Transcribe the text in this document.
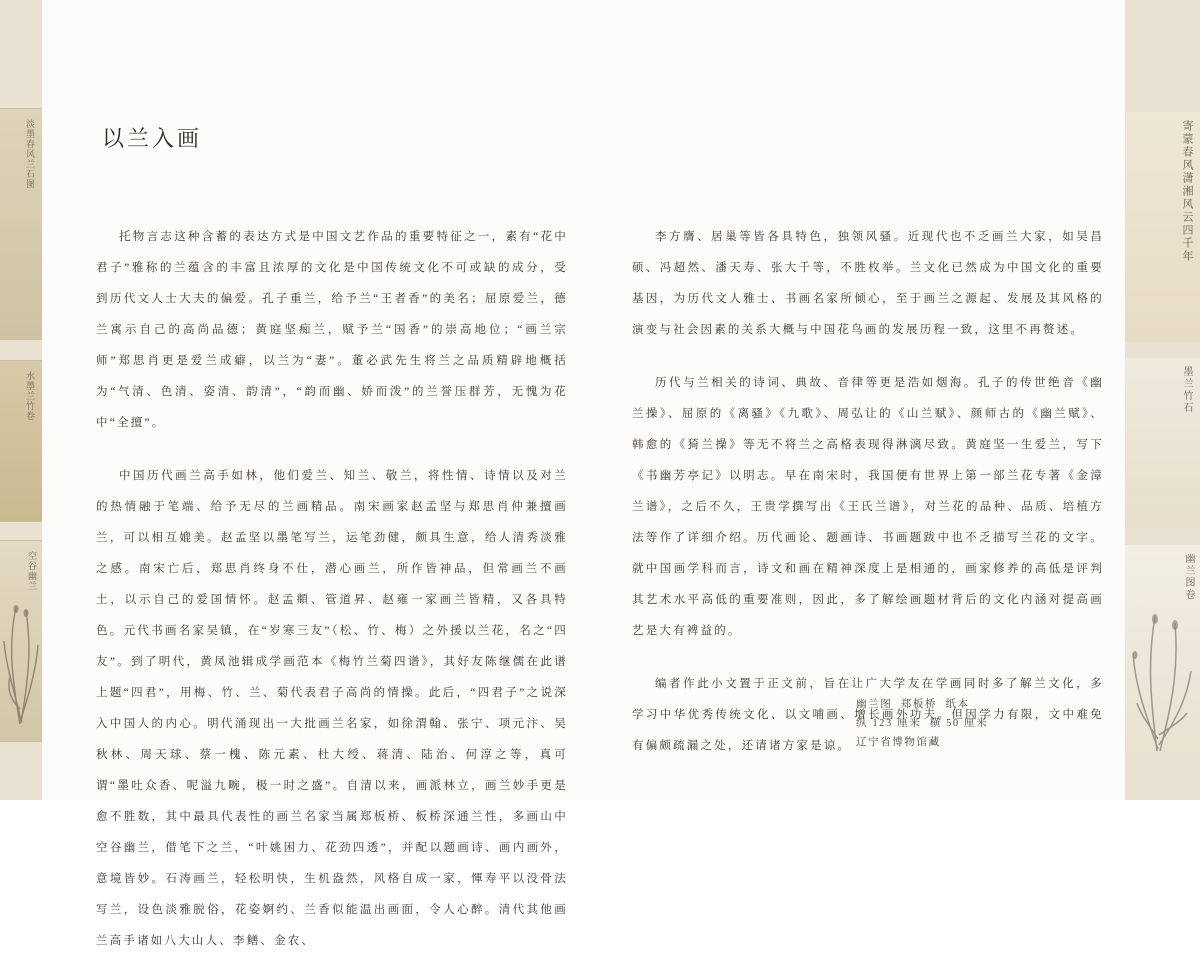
淡墨春风兰石图
水墨兰竹卷
空谷幽兰
寄蒙春风潇湘风云四千年
墨兰竹石
幽兰图卷
以兰入画

托物言志这种含蓄的表达方式是中国文艺作品的重要特征之一，素有“花中君子”雅称的兰蕴含的丰富且浓厚的文化是中国传统文化不可或缺的成分，受到历代文人士大夫的偏爱。孔子重兰，给予兰“王者香”的美名；屈原爱兰，德兰寓示自己的高尚品德；黄庭坚痴兰，赋予兰“国香”的崇高地位；“画兰宗师”郑思肖更是爱兰成癖，以兰为“妻”。董必武先生将兰之品质精辟地概括为“气清、色清、姿清、韵清”，“韵而幽、娇而泼”的兰誉压群芳，无愧为花中“全擅”。

中国历代画兰高手如林，他们爱兰、知兰、敬兰，将性情、诗情以及对兰的热情融于笔端、给予无尽的兰画精品。南宋画家赵孟坚与郑思肖仲兼擅画兰，可以相互媲美。赵孟坚以墨笔写兰，运笔劲健，颇具生意，给人清秀淡雅之感。南宋亡后，郑思肖终身不仕，潜心画兰，所作皆神品，但常画兰不画土，以示自己的爱国情怀。赵孟頫、管道昇、赵雍一家画兰皆精，又各具特色。元代书画名家吴镇，在“岁寒三友”（松、竹、梅）之外援以兰花，名之“四友”。到了明代，黄凤池辑成学画范本《梅竹兰菊四谱》，其好友陈继儒在此谱上题“四君”，用梅、竹、兰、菊代表君子高尚的情操。此后，“四君子”之说深入中国人的内心。明代涌现出一大批画兰名家，如徐渭翰、张宁、项元汴、吴秋林、周天球、蔡一槐、陈元素、杜大绶、蒋清、陆治、何淳之等，真可谓“墨吐众香、呢溢九畹，极一时之盛”。自清以来，画派林立，画兰妙手更是愈不胜数，其中最具代表性的画兰名家当属郑板桥、板桥深通兰性，多画山中空谷幽兰，借笔下之兰，“叶姚困力、花劲四透”，并配以题画诗、画内画外，意境皆妙。石涛画兰，轻松明快，生机盎然，风格自成一家，惲寿平以没骨法写兰，设色淡雅脱俗，花姿婀约、兰香似能温出画面，令人心醉。清代其他画兰高手诸如八大山人、李鳝、金农、

李方膺、居巢等皆各具特色，独领风骚。近现代也不乏画兰大家，如吴昌硕、冯超然、潘天寿、张大千等，不胜枚举。兰文化已然成为中国文化的重要基因，为历代文人雅士、书画名家所倾心，至于画兰之源起、发展及其风格的演变与社会因素的关系大概与中国花鸟画的发展历程一致，这里不再赘述。

历代与兰相关的诗词、典故、音律等更是浩如烟海。孔子的传世绝音《幽兰操》、屈原的《离骚》《九歌》、周弘让的《山兰赋》、颜师古的《幽兰赋》、韩愈的《猗兰操》等无不将兰之高格表现得淋漓尽致。黄庭坚一生爱兰，写下《书幽芳亭记》以明志。早在南宋时，我国便有世界上第一部兰花专著《金漳兰谱》，之后不久，王贵学撰写出《王氏兰谱》，对兰花的品种、品质、培植方法等作了详细介绍。历代画论、题画诗、书画题跋中也不乏描写兰花的文字。就中国画学科而言，诗文和画在精神深度上是相通的，画家修养的高低是评判其艺术水平高低的重要准则，因此，多了解绘画题材背后的文化内涵对提高画艺是大有裨益的。

编者作此小文置于正文前，旨在让广大学友在学画同时多了解兰文化，多学习中华优秀传统文化、以文哺画、增长画外功夫。但因学力有限，文中难免有偏颇疏漏之处，还请诸方家是谅。

幽兰图  郑板桥  纸本
纵 123 厘米  横 50 厘米
辽宁省博物馆藏
